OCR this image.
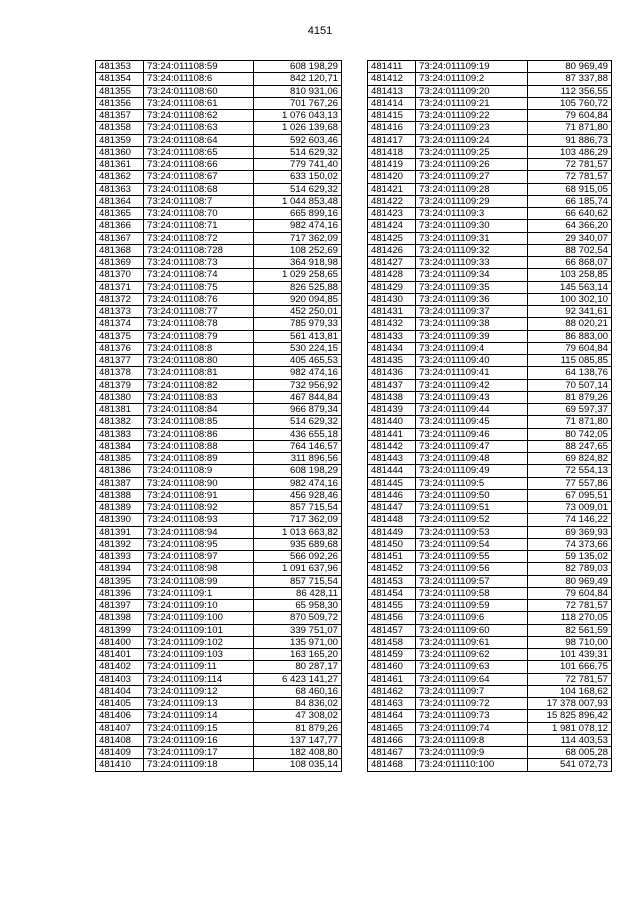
4151
481353	73:24:011108:59	608 198,29
481354	73:24:011108:6	842 120,71
481355	73:24:011108:60	810 931,06
481356	73:24:011108:61	701 767,26
481357	73:24:011108:62	1 076 043,13
481358	73:24:011108:63	1 026 139,68
481359	73:24:011108:64	592 603,46
481360	73:24:011108:65	514 629,32
481361	73:24:011108:66	779 741,40
481362	73:24:011108:67	633 150,02
481363	73:24:011108:68	514 629,32
481364	73:24:011108:7	1 044 853,48
481365	73:24:011108:70	665 899,16
481366	73:24:011108:71	982 474,16
481367	73:24:011108:72	717 362,09
481368	73:24:011108:728	108 252,69
481369	73:24:011108:73	364 918,98
481370	73:24:011108:74	1 029 258,65
481371	73:24:011108:75	826 525,88
481372	73:24:011108:76	920 094,85
481373	73:24:011108:77	452 250,01
481374	73:24:011108:78	785 979,33
481375	73:24:011108:79	561 413,81
481376	73:24:011108:8	530 224,15
481377	73:24:011108:80	405 465,53
481378	73:24:011108:81	982 474,16
481379	73:24:011108:82	732 956,92
481380	73:24:011108:83	467 844,84
481381	73:24:011108:84	966 879,34
481382	73:24:011108:85	514 629,32
481383	73:24:011108:86	436 655,18
481384	73:24:011108:88	764 146,57
481385	73:24:011108:89	311 896,56
481386	73:24:011108:9	608 198,29
481387	73:24:011108:90	982 474,16
481388	73:24:011108:91	456 928,46
481389	73:24:011108:92	857 715,54
481390	73:24:011108:93	717 362,09
481391	73:24:011108:94	1 013 663,82
481392	73:24:011108:95	935 689,68
481393	73:24:011108:97	566 092,26
481394	73:24:011108:98	1 091 637,96
481395	73:24:011108:99	857 715,54
481396	73:24:011109:1	86 428,11
481397	73:24:011109:10	65 958,30
481398	73:24:011109:100	870 509,72
481399	73:24:011109:101	339 751,07
481400	73:24:011109:102	135 971,00
481401	73:24:011109:103	163 165,20
481402	73:24:011109:11	80 287,17
481403	73:24:011109:114	6 423 141,27
481404	73:24:011109:12	68 460,16
481405	73:24:011109:13	84 836,02
481406	73:24:011109:14	47 308,02
481407	73:24:011109:15	81 879,26
481408	73:24:011109:16	137 147,77
481409	73:24:011109:17	182 408,80
481410	73:24:011109:18	108 035,14
481411	73:24:011109:19	80 969,49
481412	73:24:011109:2	87 337,88
481413	73:24:011109:20	112 356,55
481414	73:24:011109:21	105 760,72
481415	73:24:011109:22	79 604,84
481416	73:24:011109:23	71 871,80
481417	73:24:011109:24	91 886,73
481418	73:24:011109:25	103 486,29
481419	73:24:011109:26	72 781,57
481420	73:24:011109:27	72 781,57
481421	73:24:011109:28	68 915,05
481422	73:24:011109:29	66 185,74
481423	73:24:011109:3	66 640,62
481424	73:24:011109:30	64 366,20
481425	73:24:011109:31	29 340,07
481426	73:24:011109:32	88 702,54
481427	73:24:011109:33	66 868,07
481428	73:24:011109:34	103 258,85
481429	73:24:011109:35	145 563,14
481430	73:24:011109:36	100 302,10
481431	73:24:011109:37	92 341,61
481432	73:24:011109:38	88 020,21
481433	73:24:011109:39	86 883,00
481434	73:24:011109:4	79 604,84
481435	73:24:011109:40	115 085,85
481436	73:24:011109:41	64 138,76
481437	73:24:011109:42	70 507,14
481438	73:24:011109:43	81 879,26
481439	73:24:011109:44	69 597,37
481440	73:24:011109:45	71 871,80
481441	73:24:011109:46	80 742,05
481442	73:24:011109:47	88 247,65
481443	73:24:011109:48	69 824,82
481444	73:24:011109:49	72 554,13
481445	73:24:011109:5	77 557,86
481446	73:24:011109:50	67 095,51
481447	73:24:011109:51	73 009,01
481448	73:24:011109:52	74 146,22
481449	73:24:011109:53	69 369,93
481450	73:24:011109:54	74 373,66
481451	73:24:011109:55	59 135,02
481452	73:24:011109:56	82 789,03
481453	73:24:011109:57	80 969,49
481454	73:24:011109:58	79 604,84
481455	73:24:011109:59	72 781,57
481456	73:24:011109:6	118 270,05
481457	73:24:011109:60	82 561,59
481458	73:24:011109:61	98 710,00
481459	73:24:011109:62	101 439,31
481460	73:24:011109:63	101 666,75
481461	73:24:011109:64	72 781,57
481462	73:24:011109:7	104 168,62
481463	73:24:011109:72	17 378 007,93
481464	73:24:011109:73	15 825 896,42
481465	73:24:011109:74	1 981 078,12
481466	73:24:011109:8	114 403,53
481467	73:24:011109:9	68 005,28
481468	73:24:011110:100	541 072,73
